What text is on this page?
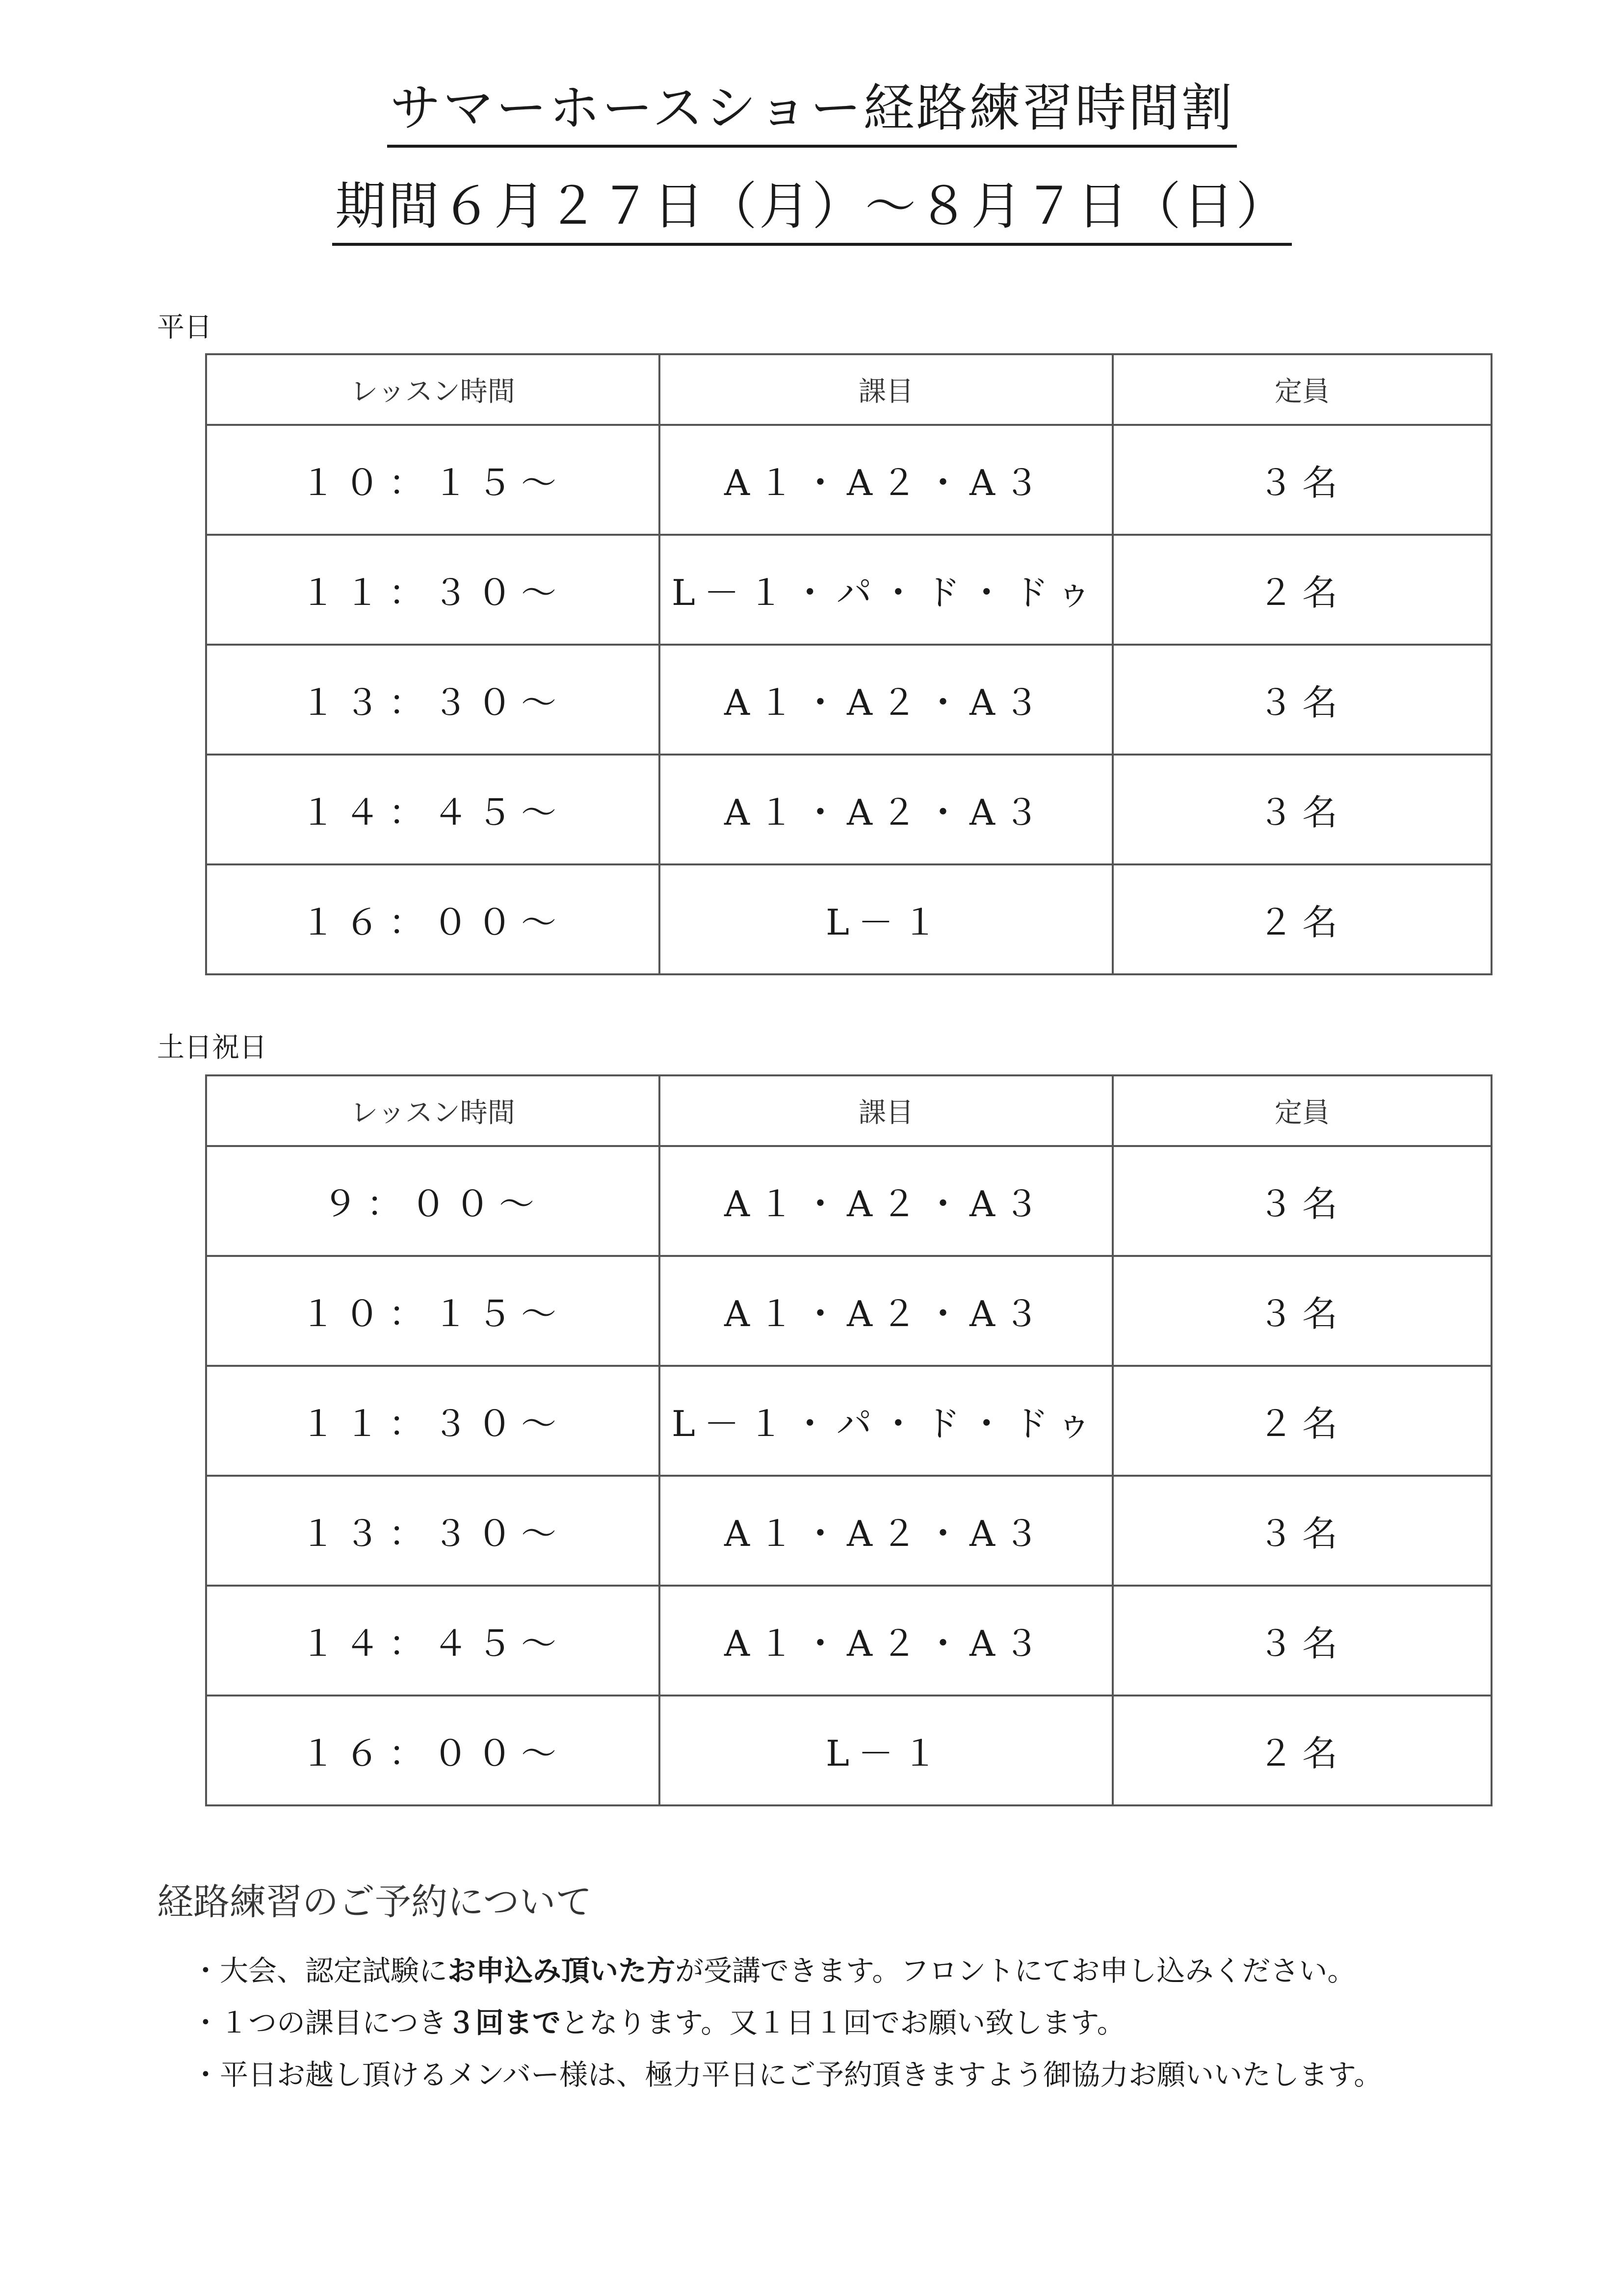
サマーホースショー経路練習時間割
期間６月２７日（月）～８月７日（日）
平日
レッスン時間	課目	定員
１０：１５～	A１・A２・A３	３名
１１：３０～	L－１・パ・ド・ドゥ	２名
１３：３０～	A１・A２・A３	３名
１４：４５～	A１・A２・A３	３名
１６：００～	L－１	２名
土日祝日
レッスン時間	課目	定員
９：００～	A１・A２・A３	３名
１０：１５～	A１・A２・A３	３名
１１：３０～	L－１・パ・ド・ドゥ	２名
１３：３０～	A１・A２・A３	３名
１４：４５～	A１・A２・A３	３名
１６：００～	L－１	２名
経路練習のご予約について
・大会、認定試験にお申込み頂いた方が受講できます。フロントにてお申し込みください。
・１つの課目につき３回までとなります。又１日１回でお願い致します。
・平日お越し頂けるメンバー様は、極力平日にご予約頂きますよう御協力お願いいたします。
